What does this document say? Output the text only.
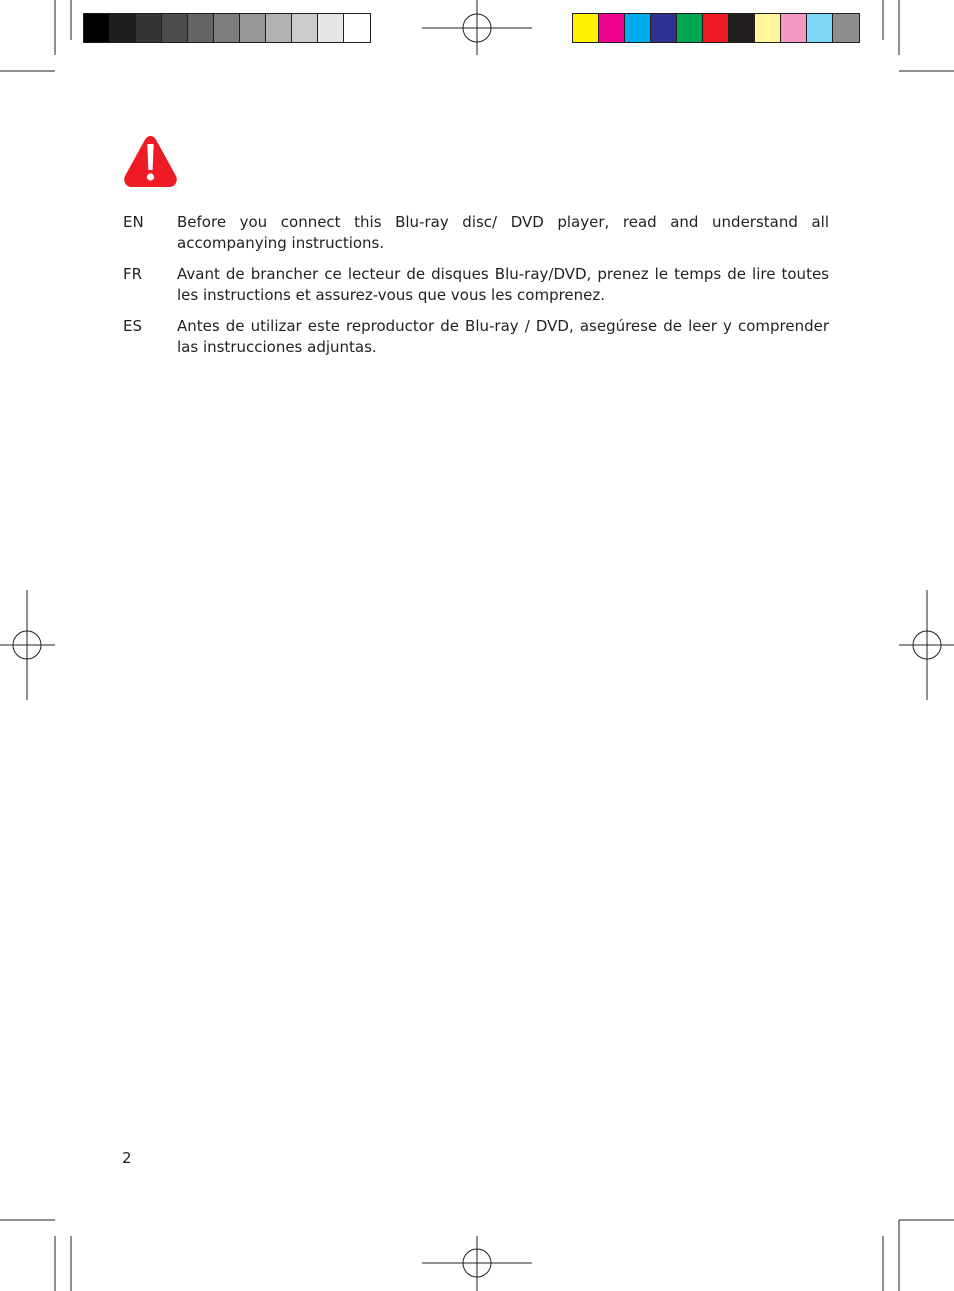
EN	Before you connect this Blu-ray disc/ DVD player, read and understand all accompanying instructions.
FR	Avant de brancher ce lecteur de disques Blu-ray/DVD, prenez le temps de lire toutes les instructions et assurez-vous que vous les comprenez.
ES	Antes de utilizar este reproductor de Blu-ray / DVD, asegúrese de leer y comprender las instrucciones adjuntas.
2
